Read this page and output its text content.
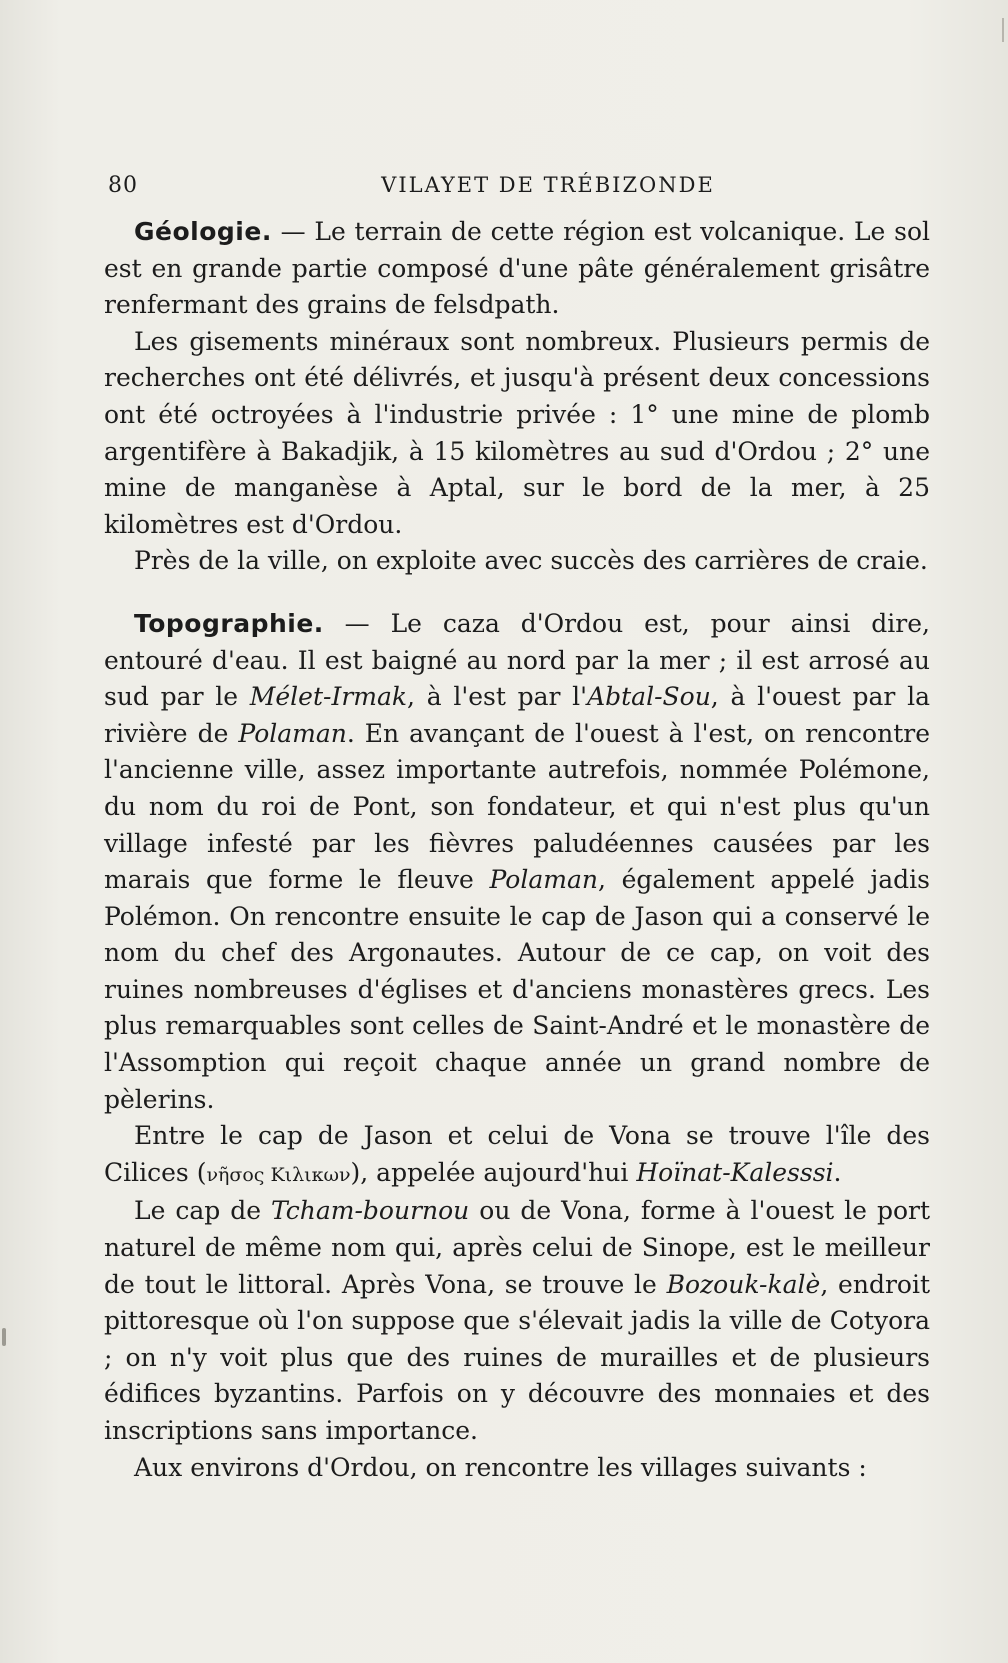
80	VILAYET DE TRÉBIZONDE

Géologie. — Le terrain de cette région est volcanique. Le sol est en grande partie composé d'une pâte généralement grisâtre renfermant des grains de felsdpath.

Les gisements minéraux sont nombreux. Plusieurs permis de recherches ont été délivrés, et jusqu'à présent deux concessions ont été octroyées à l'industrie privée : 1° une mine de plomb argentifère à Bakadjik, à 15 kilomètres au sud d'Ordou ; 2° une mine de manganèse à Aptal, sur le bord de la mer, à 25 kilomètres est d'Ordou.

Près de la ville, on exploite avec succès des carrières de craie.

Topographie. — Le caza d'Ordou est, pour ainsi dire, entouré d'eau. Il est baigné au nord par la mer ; il est arrosé au sud par le Mélet-Irmak, à l'est par l'Abtal-Sou, à l'ouest par la rivière de Polaman. En avançant de l'ouest à l'est, on rencontre l'ancienne ville, assez importante autrefois, nommée Polémone, du nom du roi de Pont, son fondateur, et qui n'est plus qu'un village infesté par les fièvres paludéennes causées par les marais que forme le fleuve Polaman, également appelé jadis Polémon. On rencontre ensuite le cap de Jason qui a conservé le nom du chef des Argonautes. Autour de ce cap, on voit des ruines nombreuses d'églises et d'anciens monastères grecs. Les plus remarquables sont celles de Saint-André et le monastère de l'Assomption qui reçoit chaque année un grand nombre de pèlerins.

Entre le cap de Jason et celui de Vona se trouve l'île des Cilices (νῆσος Κιλικων), appelée aujourd'hui Hoïnat-Kalesssi.

Le cap de Tcham-bournou ou de Vona, forme à l'ouest le port naturel de même nom qui, après celui de Sinope, est le meilleur de tout le littoral. Après Vona, se trouve le Bozouk-kalè, endroit pittoresque où l'on suppose que s'élevait jadis la ville de Cotyora ; on n'y voit plus que des ruines de murailles et de plusieurs édifices byzantins. Parfois on y découvre des monnaies et des inscriptions sans importance.

Aux environs d'Ordou, on rencontre les villages suivants :
